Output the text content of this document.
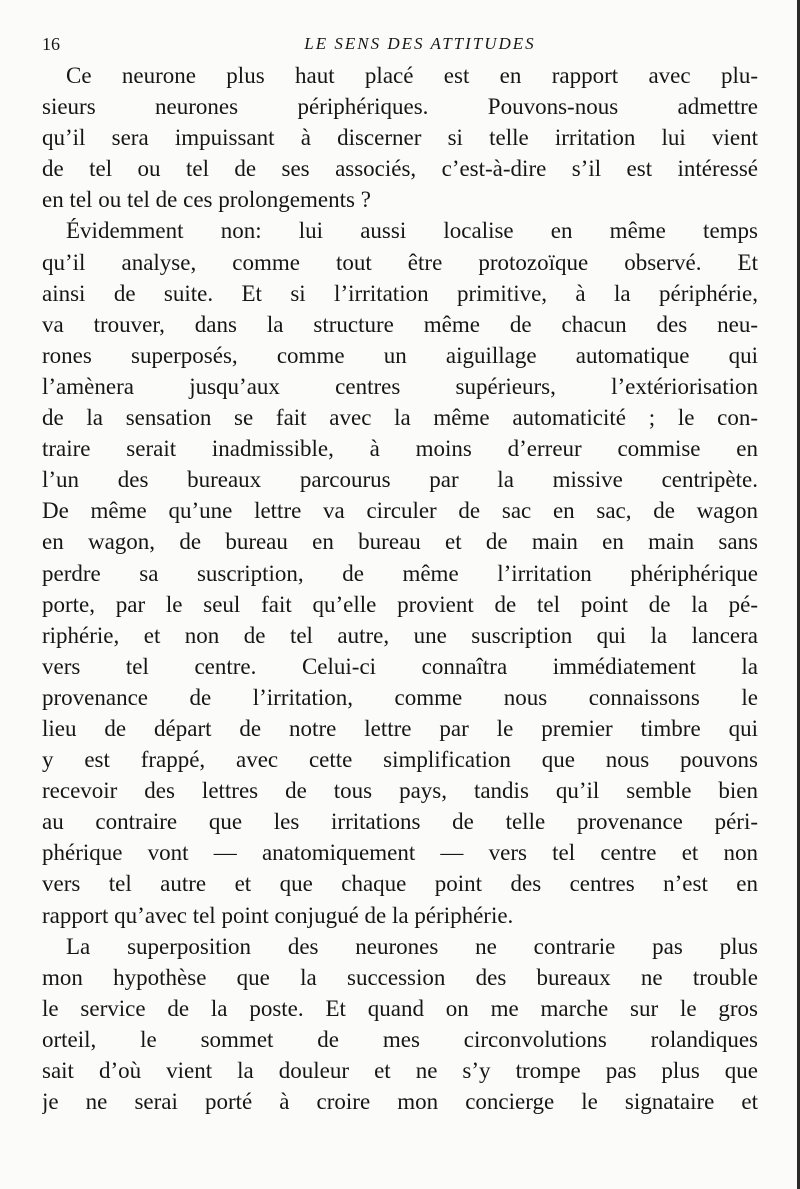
16	LE SENS DES ATTITUDES
Ce neurone plus haut placé est en rapport avec plu-
sieurs neurones périphériques. Pouvons-nous admettre
qu’il sera impuissant à discerner si telle irritation lui vient
de tel ou tel de ses associés, c’est-à-dire s’il est intéressé
en tel ou tel de ces prolongements ?
Évidemment non: lui aussi localise en même temps
qu’il analyse, comme tout être protozoïque observé. Et
ainsi de suite. Et si l’irritation primitive, à la périphérie,
va trouver, dans la structure même de chacun des neu-
rones superposés, comme un aiguillage automatique qui
l’amènera jusqu’aux centres supérieurs, l’extériorisation
de la sensation se fait avec la même automaticité ; le con-
traire serait inadmissible, à moins d’erreur commise en
l’un des bureaux parcourus par la missive centripète.
De même qu’une lettre va circuler de sac en sac, de wagon
en wagon, de bureau en bureau et de main en main sans
perdre sa suscription, de même l’irritation phériphérique
porte, par le seul fait qu’elle provient de tel point de la pé-
riphérie, et non de tel autre, une suscription qui la lancera
vers tel centre. Celui-ci connaîtra immédiatement la
provenance de l’irritation, comme nous connaissons le
lieu de départ de notre lettre par le premier timbre qui
y est frappé, avec cette simplification que nous pouvons
recevoir des lettres de tous pays, tandis qu’il semble bien
au contraire que les irritations de telle provenance péri-
phérique vont — anatomiquement — vers tel centre et non
vers tel autre et que chaque point des centres n’est en
rapport qu’avec tel point conjugué de la périphérie.
La superposition des neurones ne contrarie pas plus
mon hypothèse que la succession des bureaux ne trouble
le service de la poste. Et quand on me marche sur le gros
orteil, le sommet de mes circonvolutions rolandiques
sait d’où vient la douleur et ne s’y trompe pas plus que
je ne serai porté à croire mon concierge le signataire et
